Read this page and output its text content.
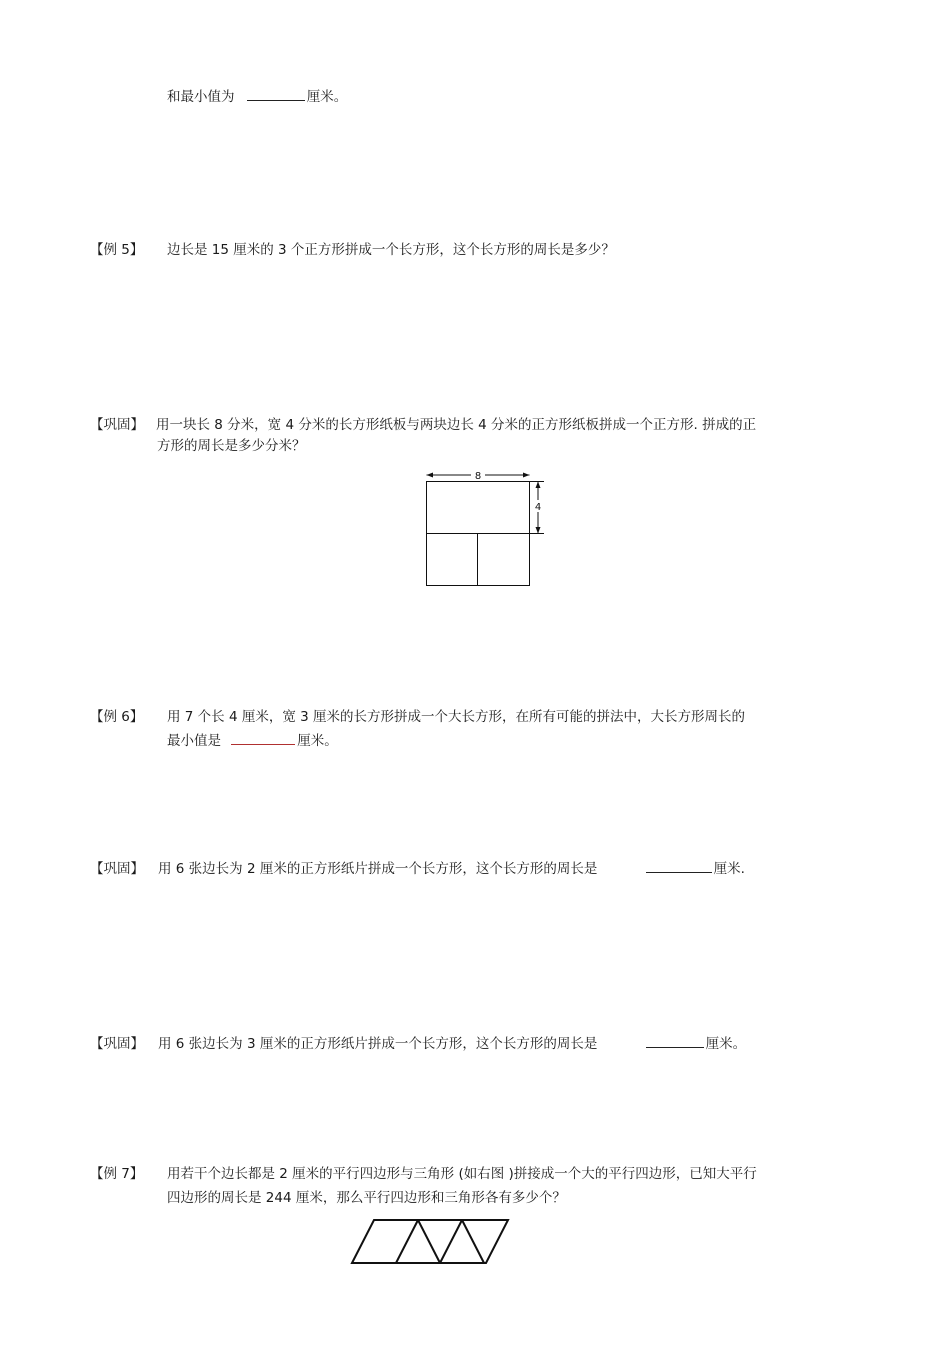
和最小值为	厘米。
【例 5】 边长是 15 厘米的 3 个正方形拼成一个长方形，这个长方形的周长是多少？
【巩固】 用一块长 8 分米，宽 4 分米的长方形纸板与两块边长 4 分米的正方形纸板拼成一个正方形. 拼成的正
方形的周长是多少分米？
8
4
【例 6】 用 7 个长 4 厘米，宽 3 厘米的长方形拼成一个大长方形，在所有可能的拼法中，大长方形周长的
最小值是	厘米。
【巩固】 用 6 张边长为 2 厘米的正方形纸片拼成一个长方形，这个长方形的周长是	厘米.
【巩固】 用 6 张边长为 3 厘米的正方形纸片拼成一个长方形，这个长方形的周长是	厘米。
【例 7】 用若干个边长都是 2 厘米的平行四边形与三角形 (如右图 )拼接成一个大的平行四边形，已知大平行
四边形的周长是 244 厘米，那么平行四边形和三角形各有多少个？
